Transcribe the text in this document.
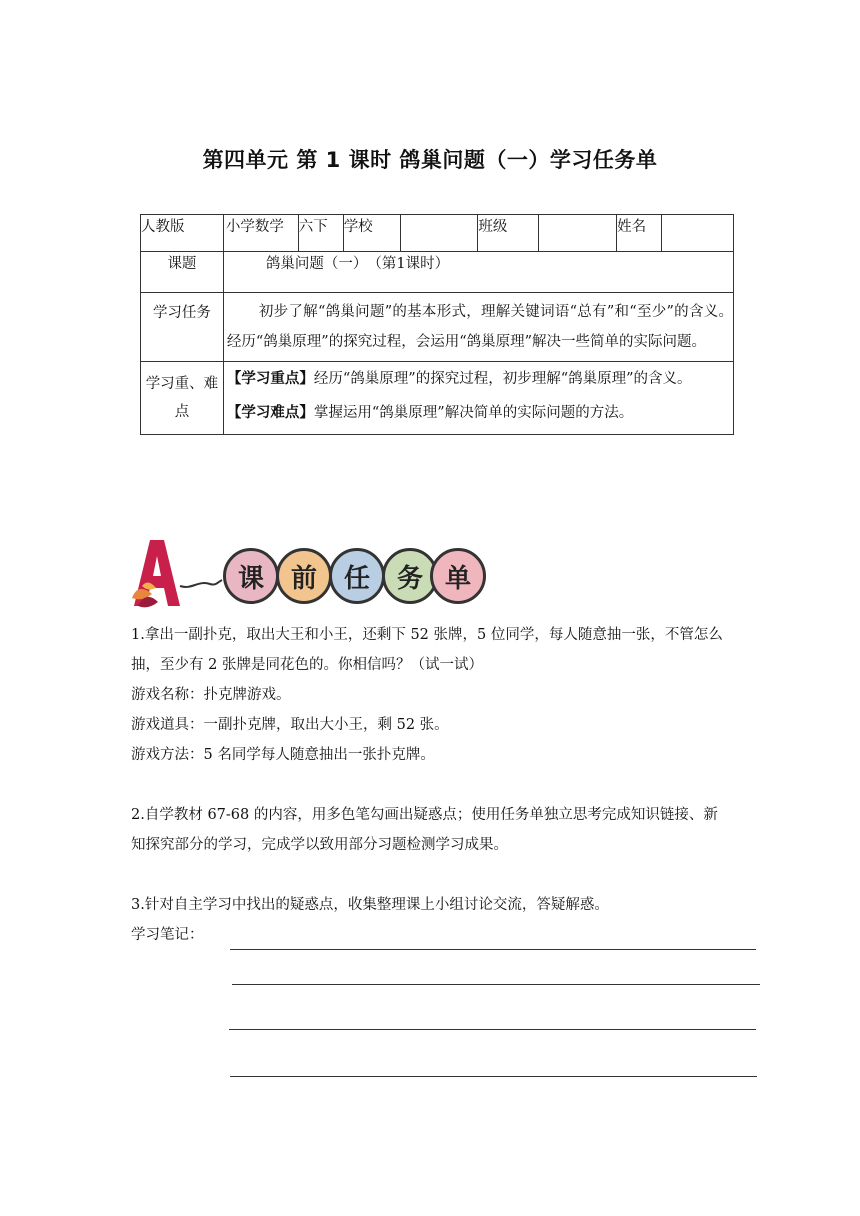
第四单元 第 1 课时 鸽巢问题（一）学习任务单
人教版	小学数学	六下	学校		班级		姓名	
课题	鸽巢问题（一）　（第1课时）							
学习任务	初步了解“鸽巢问题”的基本形式，理解关键词语“总有”和“至少”的含义。经历“鸽巢原理”的探究过程，会运用“鸽巢原理”解决一些简单的实际问题。							

学习重、难点	【学习重点】经历“鸽巢原理”的探究过程，初步理解“鸽巢原理”的含义。
【学习难点】掌握运用“鸽巢原理”解决简单的实际问题的方法。							
课	前	任	务 单

1.拿出一副扑克，取出大王和小王，还剩下 52 张牌，5 位同学，每人随意抽一张，不管怎么抽，至少有 2 张牌是同花色的。你相信吗？（试一试）

游戏名称：扑克牌游戏。

游戏道具：一副扑克牌，取出大小王，剩 52 张。

游戏方法：5 名同学每人随意抽出一张扑克牌。

2.自学教材 67-68 的内容，用多色笔勾画出疑惑点；使用任务单独立思考完成知识链接、新知探究部分的学习，完成学以致用部分习题检测学习成果。

3.针对自主学习中找出的疑惑点，收集整理课上小组讨论交流，答疑解惑。

学习笔记：
